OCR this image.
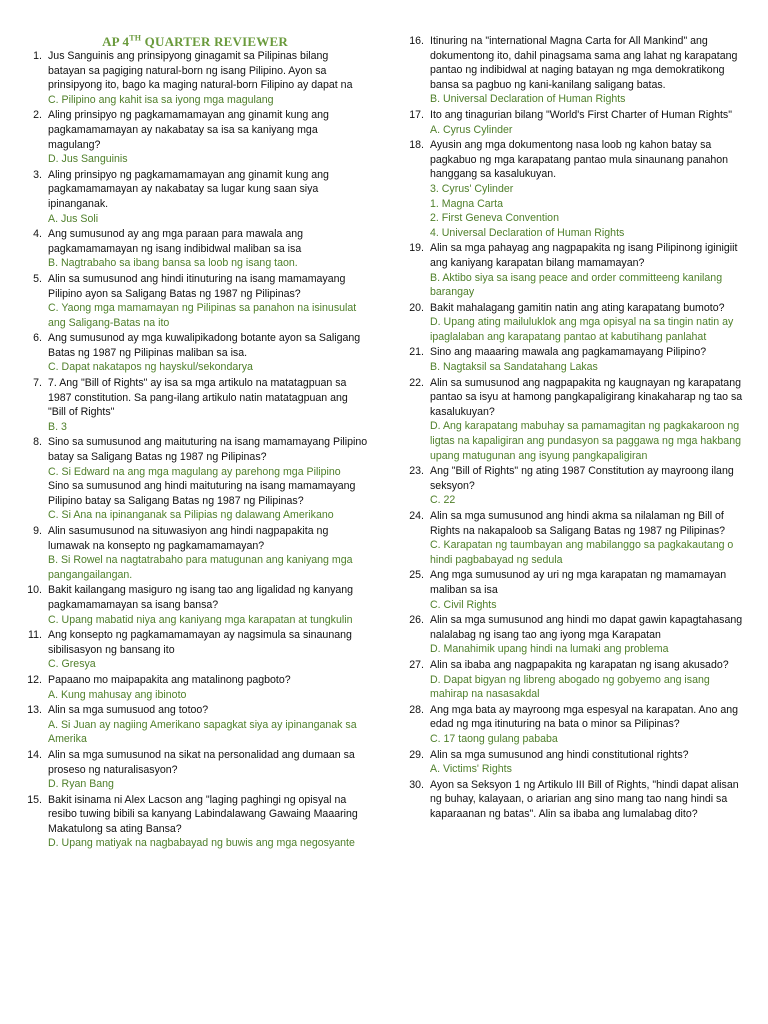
AP 4TH QUARTER REVIEWER
1. Jus Sanguinis ang prinsipyong ginagamit sa Pilipinas bilang batayan sa pagiging natural-born ng isang Pilipino. Ayon sa prinsipyong ito, bago ka maging natural-born Filipino ay dapat na
C. Pilipino ang kahit isa sa iyong mga magulang
2. Aling prinsipyo ng pagkamamamayan ang ginamit kung ang pagkamamamayan ay nakabatay sa isa sa kaniyang mga magulang?
D. Jus Sanguinis
3. Aling prinsipyo ng pagkamamamayan ang ginamit kung ang pagkamamamayan ay nakabatay sa lugar kung saan siya ipinanganak.
A. Jus Soli
4. Ang sumusunod ay ang mga paraan para mawala ang pagkamamamayan ng isang indibidwal maliban sa isa
B. Nagtrabaho sa ibang bansa sa loob ng isang taon.
5. Alin sa sumusunod ang hindi itinuturing na isang mamamayang Pilipino ayon sa Saligang Batas ng 1987 ng Pilipinas?
C. Yaong mga mamamayan ng Pilipinas sa panahon na isinusulat ang Saligang-Batas na ito
6. Ang sumusunod ay mga kuwalipikadong botante ayon sa Saligang Batas ng 1987 ng Pilipinas maliban sa isa.
C. Dapat nakatapos ng hayskul/sekondarya
7. 7. Ang "Bill of Rights" ay isa sa mga artikulo na matatagpuan sa 1987 constitution. Sa pang-ilang artikulo natin matatagpuan ang "Bill of Rights"
B. 3
8. Sino sa sumusunod ang maituturing na isang mamamayang Pilipino batay sa Saligang Batas ng 1987 ng Pilipinas?
C. Si Edward na ang mga magulang ay parehong mga Pilipino
Sino sa sumusunod ang hindi maituturing na isang mamamayang Pilipino batay sa Saligang Batas ng 1987 ng Pilipinas?
C. Si Ana na ipinanganak sa Pilipias ng dalawang Amerikano
9. Alin sasumusunod na situwasiyon ang hindi nagpapakita ng lumawak na konsepto ng pagkamamamayan?
B. Si Rowel na nagtatrabaho para matugunan ang kaniyang mga pangangailangan.
10. Bakit kailangang masiguro ng isang tao ang ligalidad ng kanyang pagkamamamayan sa isang bansa?
C. Upang mabatid niya ang kaniyang mga karapatan at tungkulin
11. Ang konsepto ng pagkamamamayan ay nagsimula sa sinaunang sibilisasyon ng bansang ito
C. Gresya
12. Papaano mo maipapakita ang matalinong pagboto?
A. Kung mahusay ang ibinoto
13. Alin sa mga sumusuod ang totoo?
A. Si Juan ay nagiing Amerikano sapagkat siya ay ipinanganak sa Amerika
14. Alin sa mga sumusunod na sikat na personalidad ang dumaan sa proseso ng naturalisasyon?
D. Ryan Bang
15. Bakit isinama ni Alex Lacson ang "laging paghingi ng opisyal na resibo tuwing bibili sa kanyang Labindalawang Gawaing Maaaring Makatulong sa ating Bansa?
D. Upang matiyak na nagbabayad ng buwis ang mga negosyante
16. Itinuring na "international Magna Carta for All Mankind" ang dokumentong ito, dahil pinagsama sama ang lahat ng karapatang pantao ng indibidwal at naging batayan ng mga demokratikong bansa sa pagbuo ng kani-kanilang saligang batas.
B. Universal Declaration of Human Rights
17. Ito ang tinagurian bilang "World's First Charter of Human Rights"
A. Cyrus Cylinder
18. Ayusin ang mga dokumentong nasa loob ng kahon batay sa pagkabuo ng mga karapatang pantao mula sinaunang panahon hanggang sa kasalukuyan.
3. Cyrus' Cylinder
1. Magna Carta
2. First Geneva Convention
4. Universal Declaration of Human Rights
19. Alin sa mga pahayag ang nagpapakita ng isang Pilipinong iginigiit ang kaniyang karapatan bilang mamamayan?
B. Aktibo siya sa isang peace and order committeeng kanilang barangay
20. Bakit mahalagang gamitin natin ang ating karapatang bumoto?
D. Upang ating mailuluklok ang mga opisyal na sa tingin natin ay ipaglalaban ang karapatang pantao at kabutihang panlahat
21. Sino ang maaaring mawala ang pagkamamayang Pilipino?
B. Nagtaksil sa Sandatahang Lakas
22. Alin sa sumusunod ang nagpapakita ng kaugnayan ng karapatang pantao sa isyu at hamong pangkapaligirang kinakaharap ng tao sa kasalukuyan?
D. Ang karapatang mabuhay sa pamamagitan ng pagkakaroon ng ligtas na kapaligiran ang pundasyon sa paggawa ng mga hakbang upang matugunan ang isyung pangkapaligiran
23. Ang "Bill of Rights" ng ating 1987 Constitution ay mayroong ilang seksyon?
C. 22
24. Alin sa mga sumusunod ang hindi akma sa nilalaman ng Bill of Rights na nakapaloob sa Saligang Batas ng 1987 ng Pilipinas?
C. Karapatan ng taumbayan ang mabilanggo sa pagkakautang o hindi pagbabayad ng sedula
25. Ang mga sumusunod ay uri ng mga karapatan ng mamamayan maliban sa isa
C. Civil Rights
26. Alin sa mga sumusunod ang hindi mo dapat gawin kapagtahasang nalalabag ng isang tao ang iyong mga Karapatan
D. Manahimik upang hindi na lumaki ang problema
27. Alin sa ibaba ang nagpapakita ng karapatan ng isang akusado?
D. Dapat bigyan ng libreng abogado ng gobyemo ang isang mahirap na nasasakdal
28. Ang mga bata ay mayroong mga espesyal na karapatan. Ano ang edad ng mga itinuturing na bata o minor sa Pilipinas?
C. 17 taong gulang pababa
29. Alin sa mga sumusunod ang hindi constitutional rights?
A. Victims' Rights
30. Ayon sa Seksyon 1 ng Artikulo III Bill of Rights, "hindi dapat alisan ng buhay, kalayaan, o ariarian ang sino mang tao nang hindi sa kaparaanan ng batas". Alin sa ibaba ang lumalabag dito?
